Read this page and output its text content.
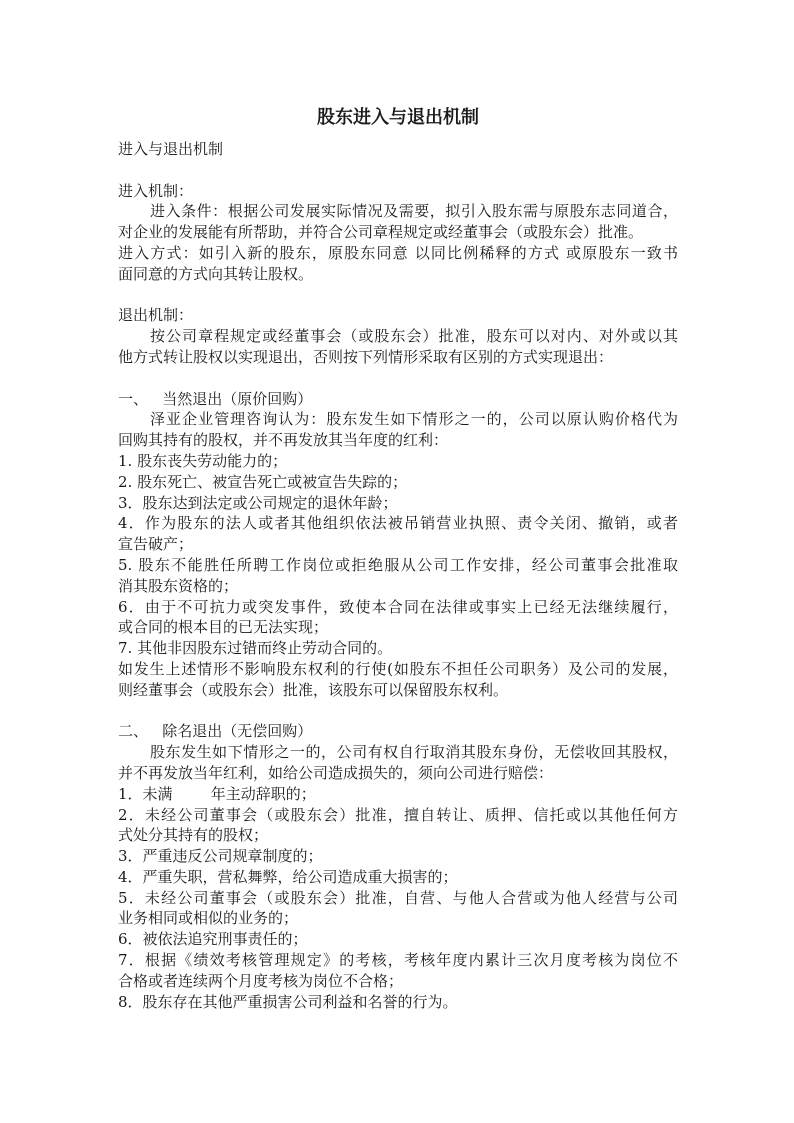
股东进入与退出机制
进入与退出机制
进入机制：
进入条件：根据公司发展实际情况及需要，拟引入股东需与原股东志同道合，
对企业的发展能有所帮助，并符合公司章程规定或经董事会（或股东会）批准。
进入方式：如引入新的股东，原股东同意 以同比例稀释的方式 或原股东一致书
面同意的方式向其转让股权。
退出机制：
按公司章程规定或经董事会（或股东会）批准，股东可以对内、对外或以其
他方式转让股权以实现退出，否则按下列情形采取有区别的方式实现退出：
一、   当然退出（原价回购）
泽亚企业管理咨询认为：股东发生如下情形之一的，公司以原认购价格代为
回购其持有的股权，并不再发放其当年度的红利：
1. 股东丧失劳动能力的；
2. 股东死亡、被宣告死亡或被宣告失踪的；
3．股东达到法定或公司规定的退休年龄；
4．作为股东的法人或者其他组织依法被吊销营业执照、责令关闭、撤销，或者
宣告破产；
5. 股东不能胜任所聘工作岗位或拒绝服从公司工作安排，经公司董事会批准取
消其股东资格的；
6．由于不可抗力或突发事件，致使本合同在法律或事实上已经无法继续履行，
或合同的根本目的已无法实现；
7. 其他非因股东过错而终止劳动合同的。
如发生上述情形不影响股东权利的行使(如股东不担任公司职务）及公司的发展，
则经董事会（或股东会）批准，该股东可以保留股东权利。
二、   除名退出（无偿回购）
股东发生如下情形之一的，公司有权自行取消其股东身份，无偿收回其股权，
并不再发放当年红利，如给公司造成损失的，须向公司进行赔偿：
1．未满        年主动辞职的；
2．未经公司董事会（或股东会）批准，擅自转让、质押、信托或以其他任何方
式处分其持有的股权；
3．严重违反公司规章制度的；
4．严重失职，营私舞弊，给公司造成重大损害的；
5．未经公司董事会（或股东会）批准，自营、与他人合营或为他人经营与公司
业务相同或相似的业务的；
6．被依法追究刑事责任的；
7．根据《绩效考核管理规定》的考核，考核年度内累计三次月度考核为岗位不
合格或者连续两个月度考核为岗位不合格；
8．股东存在其他严重损害公司利益和名誉的行为。
